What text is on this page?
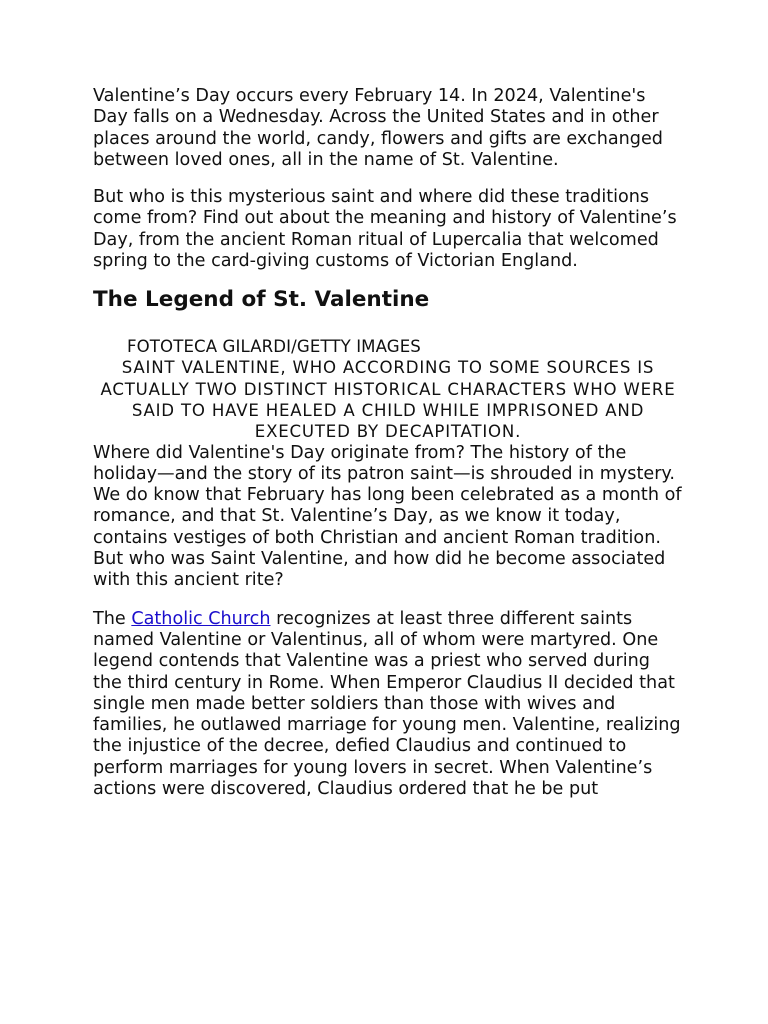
Valentine’s Day occurs every February 14. In 2024, Valentine's Day falls on a Wednesday. Across the United States and in other places around the world, candy, flowers and gifts are exchanged between loved ones, all in the name of St. Valentine.

But who is this mysterious saint and where did these traditions come from? Find out about the meaning and history of Valentine’s Day, from the ancient Roman ritual of Lupercalia that welcomed spring to the card-giving customs of Victorian England.

The Legend of St. Valentine
FOTOTECA GILARDI/GETTY IMAGES
SAINT VALENTINE, WHO ACCORDING TO SOME SOURCES IS ACTUALLY TWO DISTINCT HISTORICAL CHARACTERS WHO WERE SAID TO HAVE HEALED A CHILD WHILE IMPRISONED AND EXECUTED BY DECAPITATION.

Where did Valentine's Day originate from? The history of the holiday—and the story of its patron saint—is shrouded in mystery. We do know that February has long been celebrated as a month of romance, and that St. Valentine’s Day, as we know it today, contains vestiges of both Christian and ancient Roman tradition. But who was Saint Valentine, and how did he become associated with this ancient rite?

The Catholic Church recognizes at least three different saints named Valentine or Valentinus, all of whom were martyred. One legend contends that Valentine was a priest who served during the third century in Rome. When Emperor Claudius II decided that single men made better soldiers than those with wives and families, he outlawed marriage for young men. Valentine, realizing the injustice of the decree, defied Claudius and continued to perform marriages for young lovers in secret. When Valentine’s actions were discovered, Claudius ordered that he be put
